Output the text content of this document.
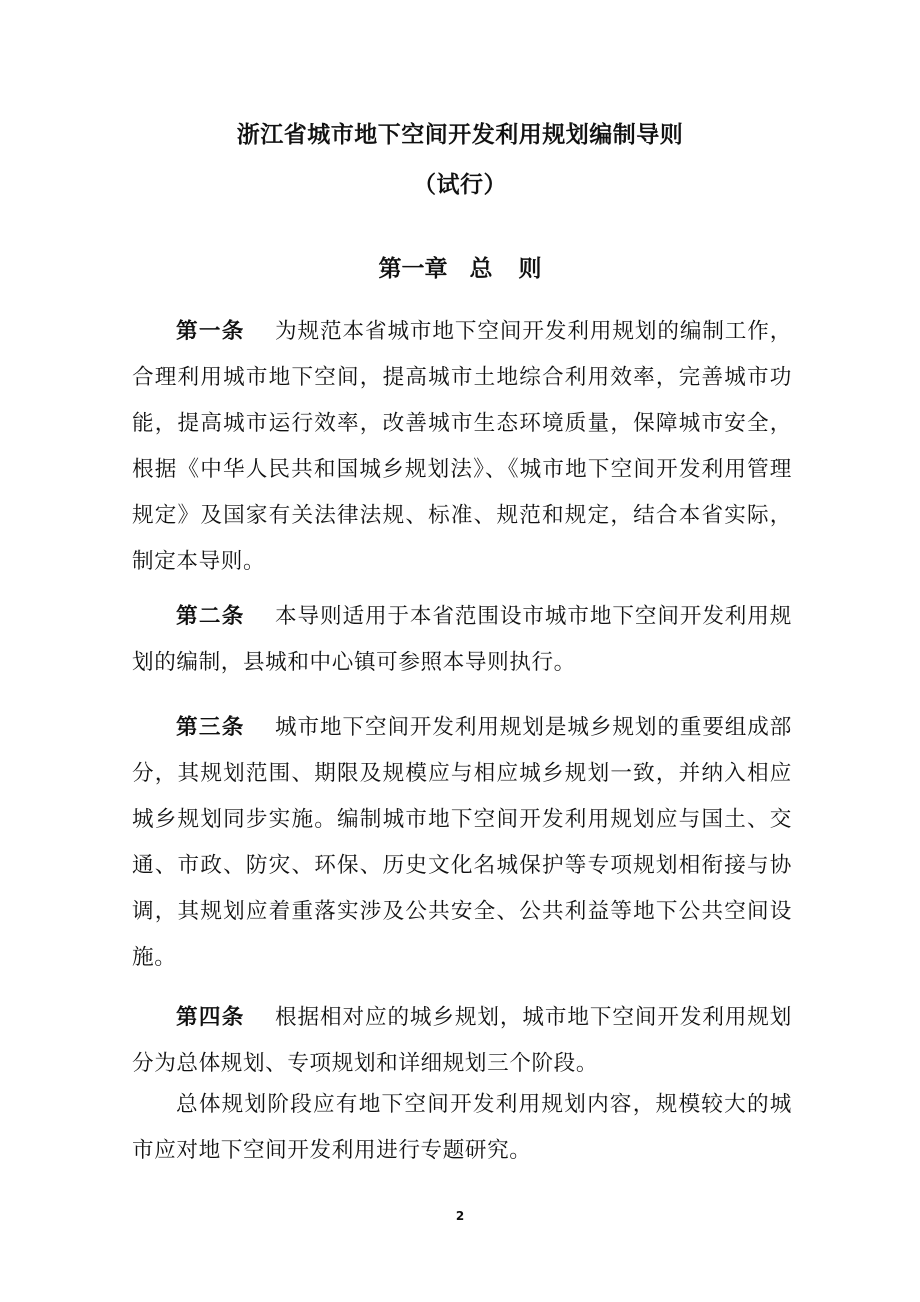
浙江省城市地下空间开发利用规划编制导则
（试行）
第一章 总 则
第一条 为规范本省城市地下空间开发利用规划的编制工作，合理利用城市地下空间，提高城市土地综合利用效率，完善城市功能，提高城市运行效率，改善城市生态环境质量，保障城市安全，根据《中华人民共和国城乡规划法》、《城市地下空间开发利用管理规定》及国家有关法律法规、标准、规范和规定，结合本省实际，制定本导则。
第二条 本导则适用于本省范围设市城市地下空间开发利用规划的编制，县城和中心镇可参照本导则执行。
第三条 城市地下空间开发利用规划是城乡规划的重要组成部分，其规划范围、期限及规模应与相应城乡规划一致，并纳入相应城乡规划同步实施。编制城市地下空间开发利用规划应与国土、交通、市政、防灾、环保、历史文化名城保护等专项规划相衔接与协调，其规划应着重落实涉及公共安全、公共利益等地下公共空间设施。
第四条 根据相对应的城乡规划，城市地下空间开发利用规划分为总体规划、专项规划和详细规划三个阶段。
总体规划阶段应有地下空间开发利用规划内容，规模较大的城市应对地下空间开发利用进行专题研究。
2
